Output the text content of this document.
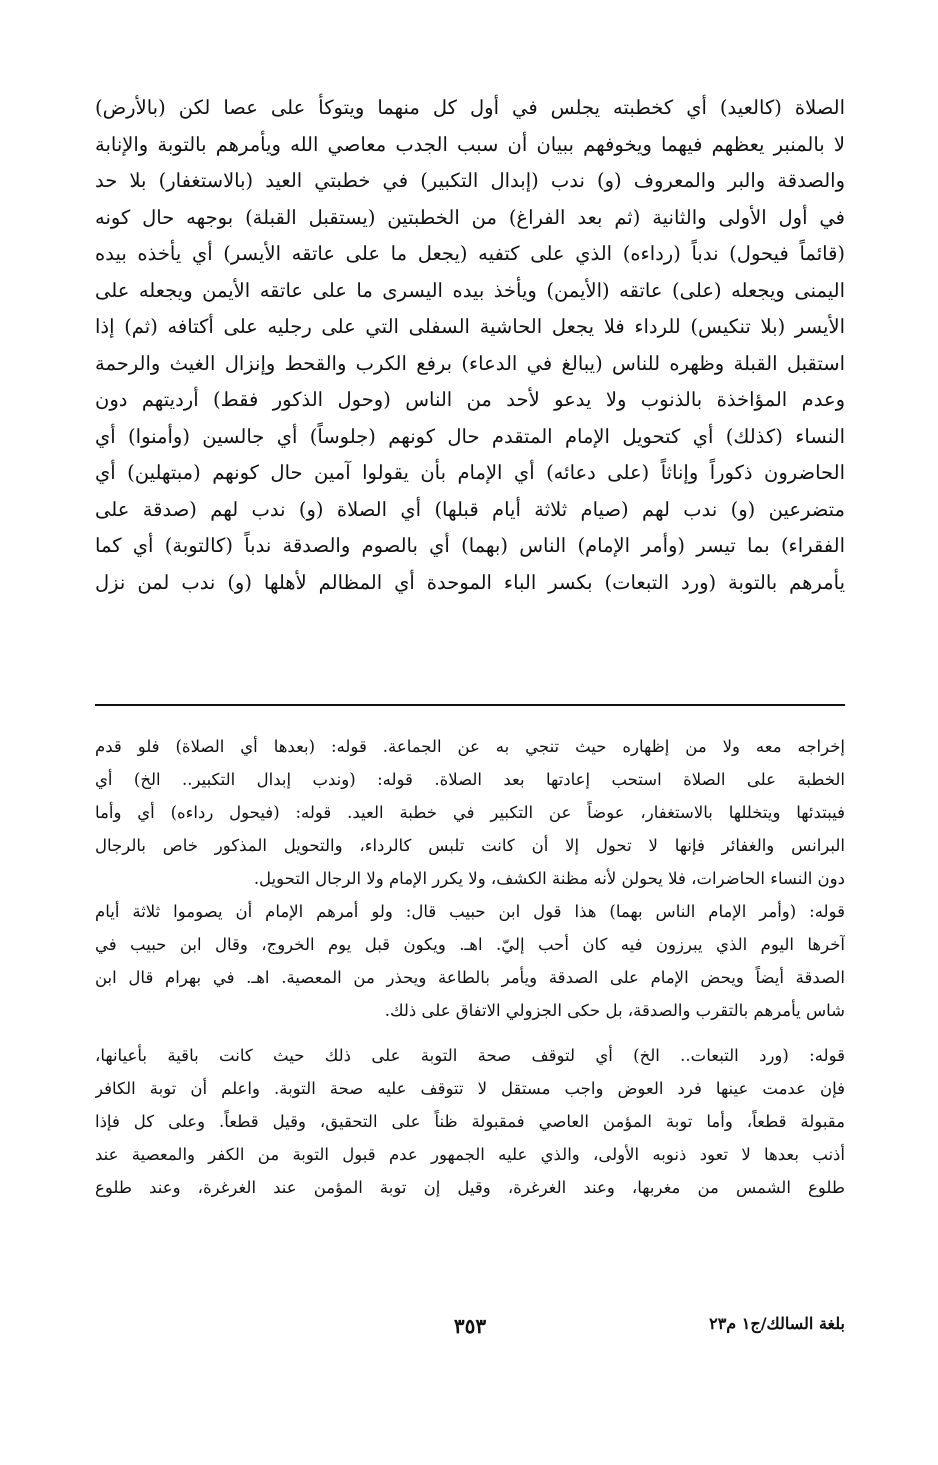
الصلاة (كالعيد) أي كخطبته يجلس في أول كل منهما ويتوكأ على عصا لكن (بالأرض)
لا بالمنبر يعظهم فيهما ويخوفهم ببيان أن سبب الجدب معاصي الله ويأمرهم بالتوبة والإنابة
والصدقة والبر والمعروف (و) ندب (إبدال التكبير) في خطبتي العيد (بالاستغفار) بلا حد
في أول الأولى والثانية (ثم بعد الفراغ) من الخطبتين (يستقبل القبلة) بوجهه حال كونه
(قائماً فيحول) ندباً (رداءه) الذي على كتفيه (يجعل ما على عاتقه الأيسر) أي يأخذه بيده
اليمنى ويجعله (على) عاتقه (الأيمن) ويأخذ بيده اليسرى ما على عاتقه الأيمن ويجعله على
الأيسر (بلا تنكيس) للرداء فلا يجعل الحاشية السفلى التي على رجليه على أكتافه (ثم) إذا
استقبل القبلة وظهره للناس (يبالغ في الدعاء) برفع الكرب والقحط وإنزال الغيث والرحمة
وعدم المؤاخذة بالذنوب ولا يدعو لأحد من الناس (وحول الذكور فقط) أرديتهم دون
النساء (كذلك) أي كتحويل الإمام المتقدم حال كونهم (جلوساً) أي جالسين (وأمنوا) أي
الحاضرون ذكوراً وإناثاً (على دعائه) أي الإمام بأن يقولوا آمين حال كونهم (مبتهلين) أي
متضرعين (و) ندب لهم (صيام ثلاثة أيام قبلها) أي الصلاة (و) ندب لهم (صدقة على
الفقراء) بما تيسر (وأمر الإمام) الناس (بهما) أي بالصوم والصدقة ندباً (كالتوبة) أي كما
يأمرهم بالتوبة (ورد التبعات) بكسر الباء الموحدة أي المظالم لأهلها (و) ندب لمن نزل
إخراجه معه ولا من إظهاره حيث تنجي به عن الجماعة. قوله: (بعدها أي الصلاة) فلو قدم
الخطبة على الصلاة استحب إعادتها بعد الصلاة. قوله: (وندب إبدال التكبير.. الخ) أي
فيبتدئها ويتخللها بالاستغفار، عوضاً عن التكبير في خطبة العيد. قوله: (فيحول رداءه) أي وأما
البرانس والغفائر فإنها لا تحول إلا أن كانت تلبس كالرداء، والتحويل المذكور خاص بالرجال
دون النساء الحاضرات، فلا يحولن لأنه مظنة الكشف، ولا يكرر الإمام ولا الرجال التحويل.
قوله: (وأمر الإمام الناس بهما) هذا قول ابن حبيب قال: ولو أمرهم الإمام أن يصوموا ثلاثة أيام
آخرها اليوم الذي يبرزون فيه كان أحب إليّ. اهـ. ويكون قبل يوم الخروج، وقال ابن حبيب في
الصدقة أيضاً ويحض الإمام على الصدقة ويأمر بالطاعة ويحذر من المعصية. اهـ. في بهرام قال ابن
شاس يأمرهم بالتقرب والصدقة، بل حكى الجزولي الاتفاق على ذلك.
قوله: (ورد التبعات.. الخ) أي لتوقف صحة التوبة على ذلك حيث كانت باقية بأعيانها،
فإن عدمت عينها فرد العوض واجب مستقل لا تتوقف عليه صحة التوبة. واعلم أن توبة الكافر
مقبولة قطعاً، وأما توبة المؤمن العاصي فمقبولة ظناً على التحقيق، وقيل قطعاً. وعلى كل فإذا
أذنب بعدها لا تعود ذنوبه الأولى، والذي عليه الجمهور عدم قبول التوبة من الكفر والمعصية عند
طلوع الشمس من مغربها، وعند الغرغرة، وقيل إن توبة المؤمن عند الغرغرة، وعند طلوع
بلغة السالك/ج١ م٢٣
٣٥٣
